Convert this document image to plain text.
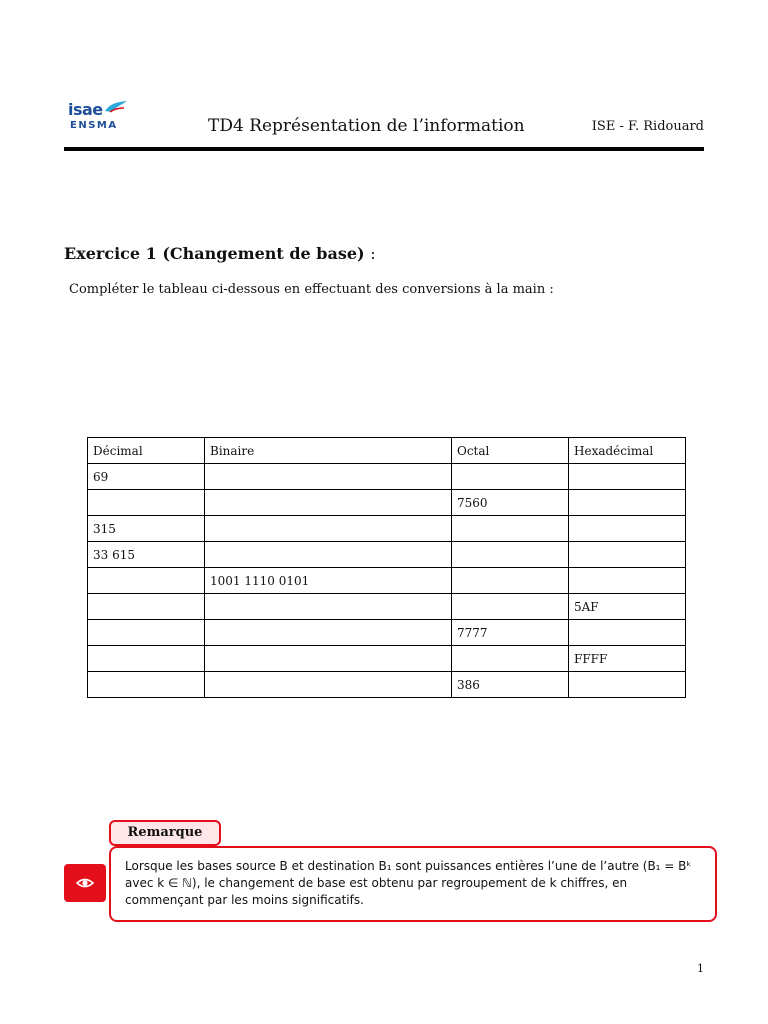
isae
ENSMA	TD4 Représentation de l’information	ISE - F. Ridouard
Exercice 1 (Changement de base) :
Compléter le tableau ci-dessous en effectuant des conversions à la main :
Décimal	Binaire	Octal	Hexadécimal
69			
		7560	
315			
33 615			
	1001 1110 0101		
			5AF
		7777	
			FFFF
		386	
Remarque
Lorsque les bases source B et destination B₁ sont puissances entières l’une de l’autre (B₁ = Bᵏ avec k ∈ ℕ), le changement de base est obtenu par regroupement de k chiffres, en commençant par les moins significatifs.
1
